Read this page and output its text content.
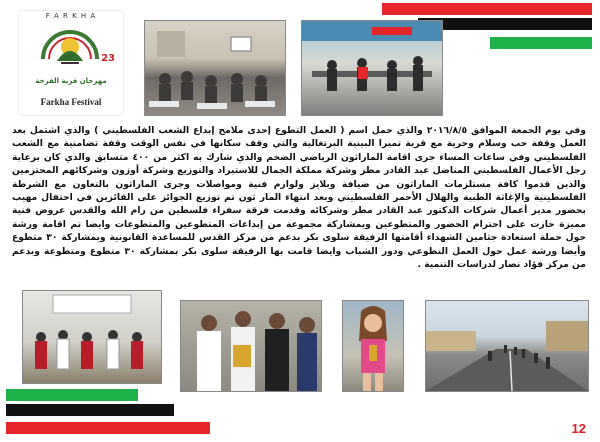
F A R K H A
23
مهرجان قرية الفرخة
Farkha Festival
وفي يوم الجمعة الموافق ٢٠١٦/٨/٥ والذي حمل اسم ( العمل التطوع إحدى ملامح إبداع الشعب الفلسطيني ) والذي اشتمل بعد العمل وقفة حب وسلام وحرية مع قرية تميرا البينية البرتغالية والتي وقف سكانها في نفس الوقت وقفة تضامنية مع الشعب الفلسطيني وفي ساعات المساء جرى اقامة الماراثون الرياضي الضخم والذي شارك به اكثر من ٤٠٠ متسابق والذي كان برعاية رجل الأعمال الفلسطيني المناضل عبد القادر مطر وشركة مملكة الجمال للاستيراد والتوزيع وشركة أوزون وشركائهم المحترمين والذين قدموا كافة مستلزمات الماراثون من ضيافة وبلايز ولوازم فنية ومواصلات وجرى الماراثون بالتعاون مع الشرطة الفلسطينية والإغاثة الطبية والهلال الأحمر الفلسطيني وبعد انتهاء المار ثون تم توزيع الجوائز على الفائزين في احتفال مهيب بحضور مدير أعمال شركات الدكتور عبد القادر مطر وشركائه وقدمت فرقة سفراء فلسطين من رام الله والقدس عروض فنية مميزة حازت على احترام الحضور والمتطوعين وبمشاركة مجموعة من إبداعات المتطوعين والمتطوعات وايضا تم اقامة ورشة حول حملة استعادة جثامين الشهداء أقامتها الرفيقة سلوى بكر بدعم من مركز القدس للمساعدة القانونية وبمشاركة ٣٠ متطوع وأيضا ورشة عمل حول العمل التطوعي ودور الشباب وايضا قامت بها الرفيقة سلوى بكر بمشاركة ٣٠ متطوع ومتطوعة وبدعم من مركز فؤاد نصار لدراسات التنمية .
12
